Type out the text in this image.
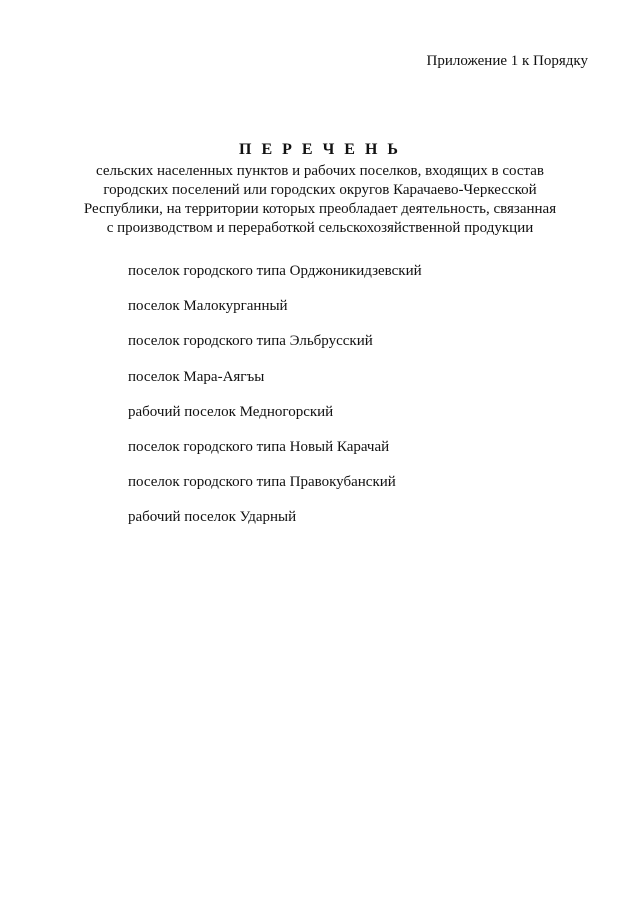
Приложение 1 к Порядку
П Е Р Е Ч Е Н Ь
сельских населенных пунктов и рабочих поселков, входящих в состав
городских поселений или городских округов Карачаево-Черкесской
Республики, на территории которых преобладает деятельность, связанная
с производством и переработкой сельскохозяйственной продукции
поселок городского типа Орджоникидзевский
поселок Малокурганный
поселок городского типа Эльбрусский
поселок Мара-Аягъы
рабочий поселок Медногорский
поселок городского типа Новый Карачай
поселок городского типа Правокубанский
рабочий поселок Ударный
